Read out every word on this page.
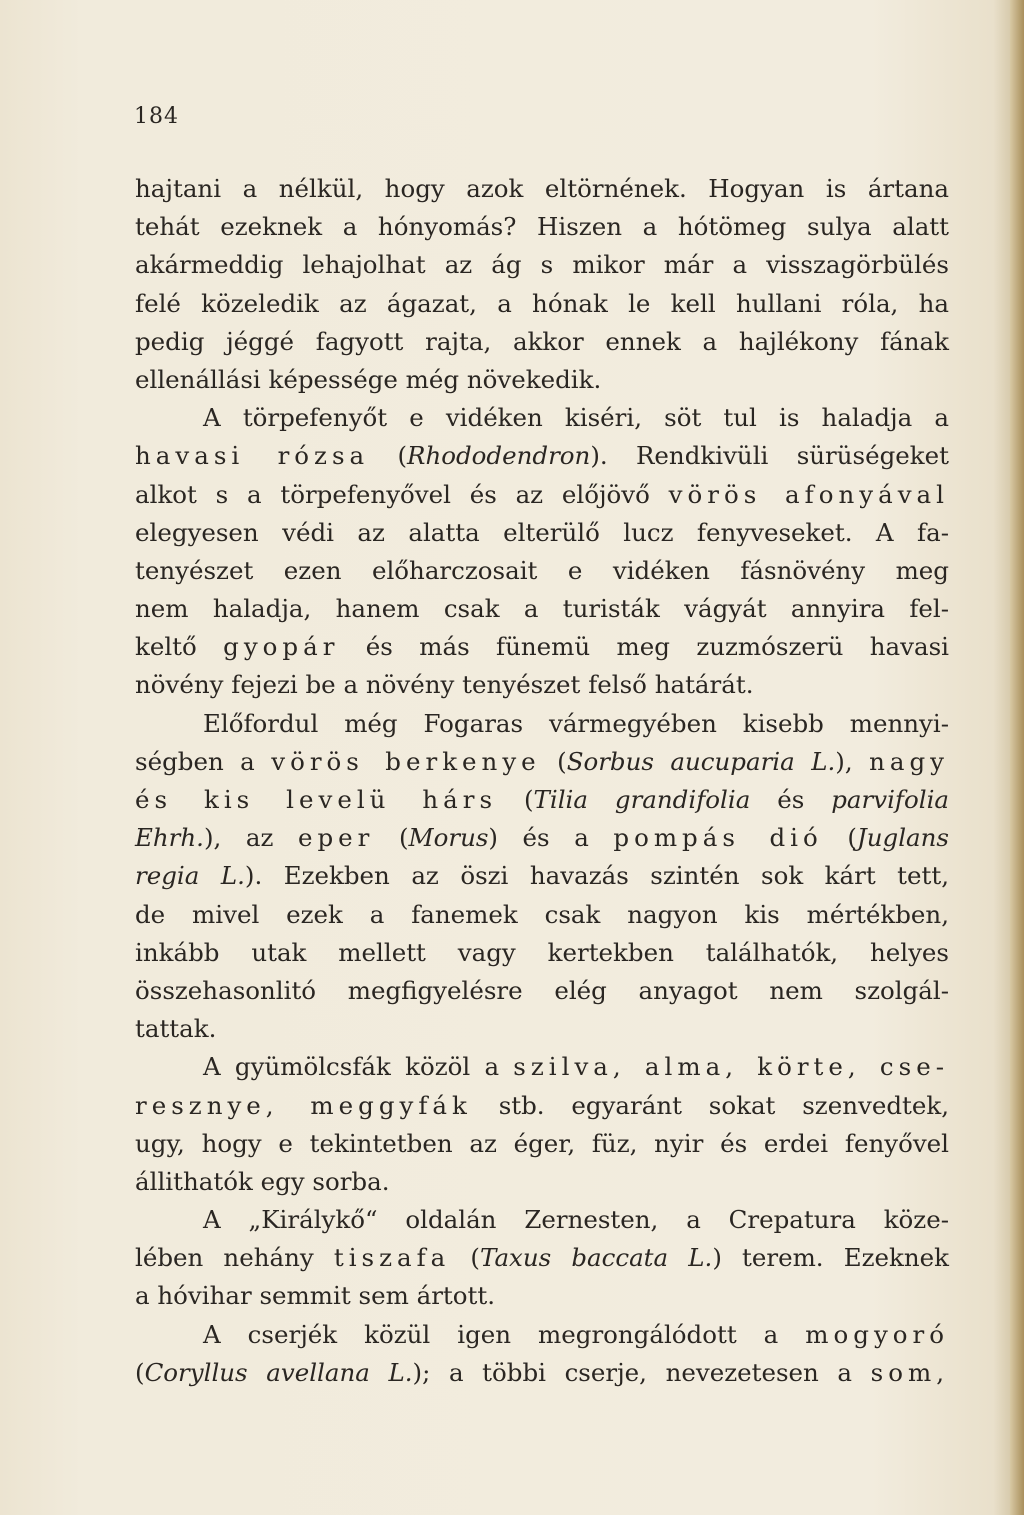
184
hajtani a nélkül, hogy azok eltörnének. Hogyan is ártana
tehát ezeknek a hónyomás? Hiszen a hótömeg sulya alatt
akármeddig lehajolhat az ág s mikor már a visszagörbülés
felé közeledik az ágazat, a hónak le kell hullani róla, ha
pedig jéggé fagyott rajta, akkor ennek a hajlékony fának
ellenállási képessége még növekedik.
A törpefenyőt e vidéken kiséri, söt tul is haladja a
havasi rózsa (Rhododendron). Rendkivüli sürüségeket
alkot s a törpefenyővel és az előjövő vörös afonyával
elegyesen védi az alatta elterülő lucz fenyveseket. A fa-
tenyészet ezen előharczosait e vidéken fásnövény meg
nem haladja, hanem csak a turisták vágyát annyira fel-
keltő gyopár és más fünemü meg zuzmószerü havasi
növény fejezi be a növény tenyészet felső határát.
Előfordul még Fogaras vármegyében kisebb mennyi-
ségben a vörös berkenye (Sorbus aucuparia L.), nagy
és kis levelü hárs (Tilia grandifolia és parvifolia
Ehrh.), az eper (Morus) és a pompás dió (Juglans
regia L.). Ezekben az öszi havazás szintén sok kárt tett,
de mivel ezek a fanemek csak nagyon kis mértékben,
inkább utak mellett vagy kertekben találhatók, helyes
összehasonlitó megfigyelésre elég anyagot nem szolgál-
tattak.
A gyümölcsfák közöl a szilva, alma, körte, cse-
resznye, meggyfák stb. egyaránt sokat szenvedtek,
ugy, hogy e tekintetben az éger, füz, nyir és erdei fenyővel
állithatók egy sorba.
A „Királykő“ oldalán Zernesten, a Crepatura köze-
lében nehány tiszafa (Taxus baccata L.) terem. Ezeknek
a hóvihar semmit sem ártott.
A cserjék közül igen megrongálódott a mogyoró
(Coryllus avellana L.); a többi cserje, nevezetesen a som,
